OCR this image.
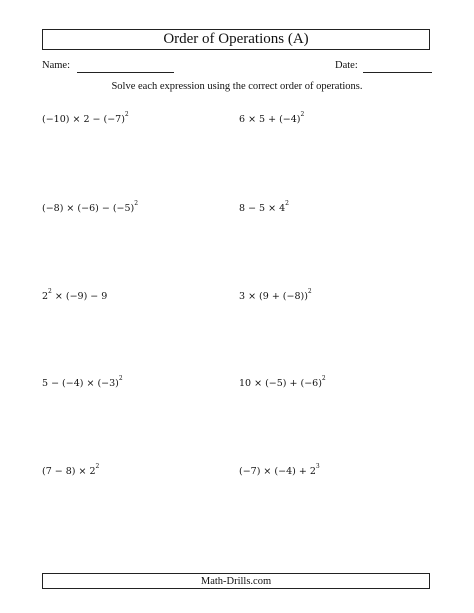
Order of Operations (A)
Name:	Date:
Solve each expression using the correct order of operations.
$(-10) \times 2 - (-7)^2$
$(-8) \times (-6) - (-5)^2$
$2^2 \times (-9) - 9$
$5 - (-4) \times (-3)^2$
$(7 - 8) \times 2^2$
$6 \times 5 + (-4)^2$
$8 - 5 \times 4^2$
$3 \times (9 + (-8))^2$
$10 \times (-5) + (-6)^2$
$(-7) \times (-4) + 2^3$
Math-Drills.com
